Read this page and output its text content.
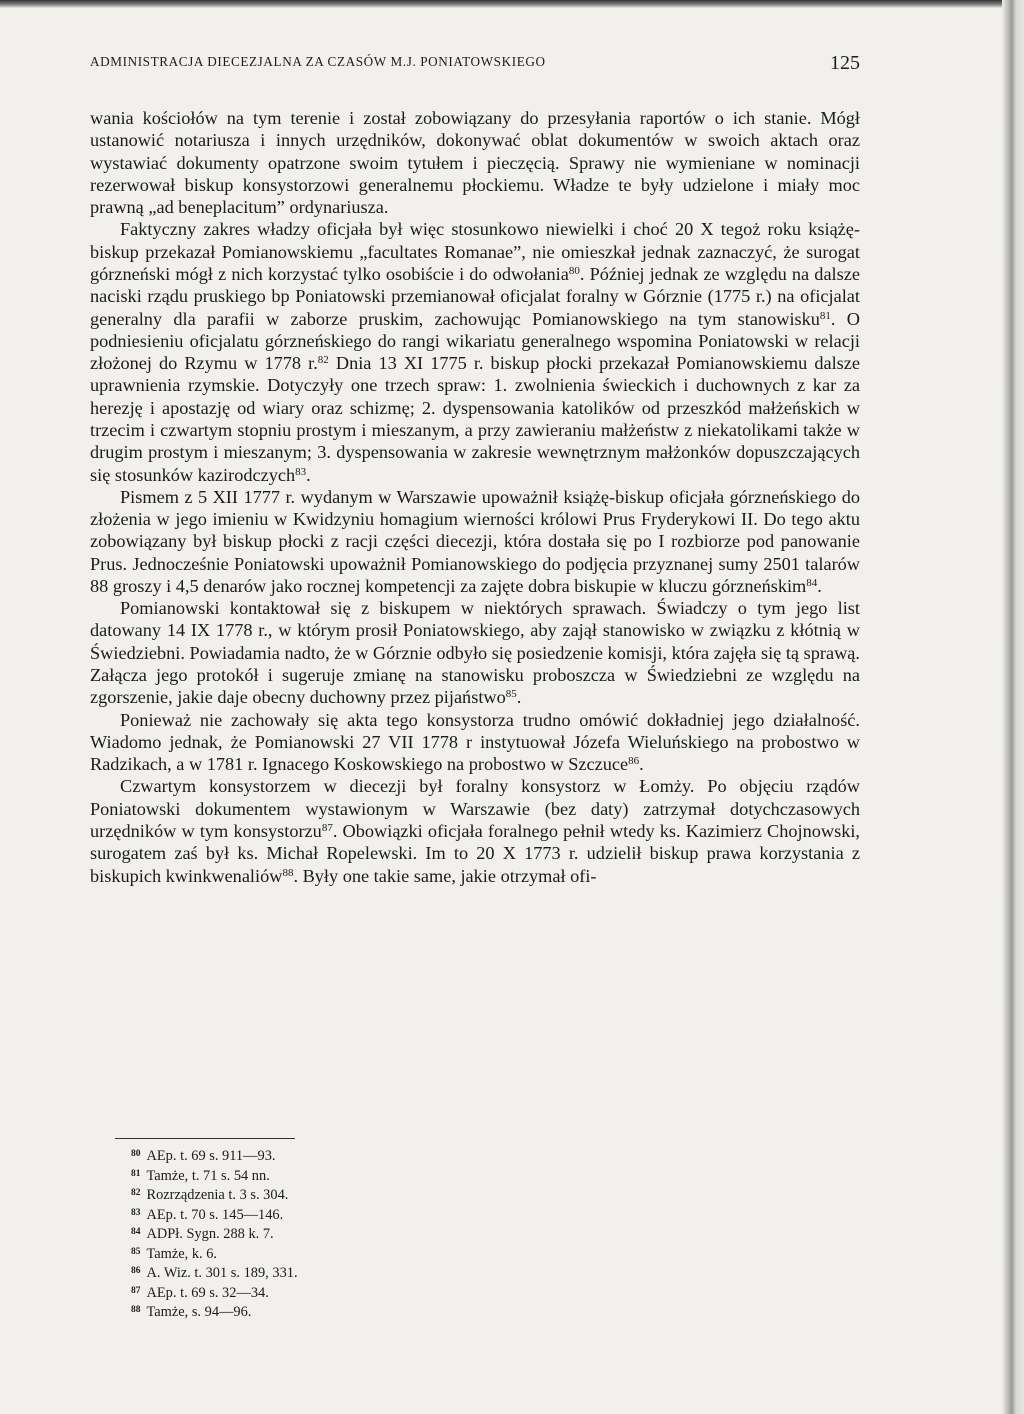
ADMINISTRACJA DIECEZJALNA ZA CZASÓW M.J. PONIATOWSKIEGO	125

wania kościołów na tym terenie i został zobowiązany do przesyłania raportów o ich stanie. Mógł ustanowić notariusza i innych urzędników, dokonywać oblat dokumentów w swoich aktach oraz wystawiać dokumenty opatrzone swoim tytułem i pieczęcią. Sprawy nie wymieniane w nominacji rezerwował biskup konsystorzowi generalnemu płockiemu. Władze te były udzielone i miały moc prawną „ad beneplacitum” ordynariusza.

Faktyczny zakres władzy oficjała był więc stosunkowo niewielki i choć 20 X tegoż roku książę-biskup przekazał Pomianowskiemu „facultates Romanae”, nie omieszkał jednak zaznaczyć, że surogat górzneński mógł z nich korzystać tylko osobiście i do odwołania$^{80}$. Później jednak ze względu na dalsze naciski rządu pruskiego bp Poniatowski przemianował oficjalat foralny w Górznie (1775 r.) na oficjalat generalny dla parafii w zaborze pruskim, zachowując Pomianowskiego na tym stanowisku$^{81}$. O podniesieniu oficjalatu górzneńskiego do rangi wikariatu generalnego wspomina Poniatowski w relacji złożonej do Rzymu w 1778 r.$^{82}$ Dnia 13 XI 1775 r. biskup płocki przekazał Pomianowskiemu dalsze uprawnienia rzymskie. Dotyczyły one trzech spraw: 1. zwolnienia świeckich i duchownych z kar za herezję i apostazję od wiary oraz schizmę; 2. dyspensowania katolików od przeszkód małżeńskich w trzecim i czwartym stopniu prostym i mieszanym, a przy zawieraniu małżeństw z niekatolikami także w drugim prostym i mieszanym; 3. dyspensowania w zakresie wewnętrznym małżonków dopuszczających się stosunków kazirodczych$^{83}$.

Pismem z 5 XII 1777 r. wydanym w Warszawie upoważnił książę-biskup oficjała górzneńskiego do złożenia w jego imieniu w Kwidzyniu homagium wierności królowi Prus Fryderykowi II. Do tego aktu zobowiązany był biskup płocki z racji części diecezji, która dostała się po I rozbiorze pod panowanie Prus. Jednocześnie Poniatowski upoważnił Pomianowskiego do podjęcia przyznanej sumy 2501 talarów 88 groszy i 4,5 denarów jako rocznej kompetencji za zajęte dobra biskupie w kluczu górzneńskim$^{84}$.

Pomianowski kontaktował się z biskupem w niektórych sprawach. Świadczy o tym jego list datowany 14 IX 1778 r., w którym prosił Poniatowskiego, aby zajął stanowisko w związku z kłótnią w Świedziebni. Powiadamia nadto, że w Górznie odbyło się posiedzenie komisji, która zajęła się tą sprawą. Załącza jego protokół i sugeruje zmianę na stanowisku proboszcza w Świedziebni ze względu na zgorszenie, jakie daje obecny duchowny przez pijaństwo$^{85}$.

Ponieważ nie zachowały się akta tego konsystorza trudno omówić dokładniej jego działalność. Wiadomo jednak, że Pomianowski 27 VII 1778 r instytuował Józefa Wieluńskiego na probostwo w Radzikach, a w 1781 r. Ignacego Koskowskiego na probostwo w Szczuce$^{86}$.

Czwartym konsystorzem w diecezji był foralny konsystorz w Łomży. Po objęciu rządów Poniatowski dokumentem wystawionym w Warszawie (bez daty) zatrzymał dotychczasowych urzędników w tym konsystorzu$^{87}$. Obowiązki oficjała foralnego pełnił wtedy ks. Kazimierz Chojnowski, surogatem zaś był ks. Michał Ropelewski. Im to 20 X 1773 r. udzielił biskup prawa korzystania z biskupich kwinkwenaliów$^{88}$. Były one takie same, jakie otrzymał ofi-

$^{80}$ AEp. t. 69 s. 911—93.
$^{81}$ Tamże, t. 71 s. 54 nn.
$^{82}$ Rozrządzenia t. 3 s. 304.
$^{83}$ AEp. t. 70 s. 145—146.
$^{84}$ ADPł. Sygn. 288 k. 7.
$^{85}$ Tamże, k. 6.
$^{86}$ A. Wiz. t. 301 s. 189, 331.
$^{87}$ AEp. t. 69 s. 32—34.
$^{88}$ Tamże, s. 94—96.
